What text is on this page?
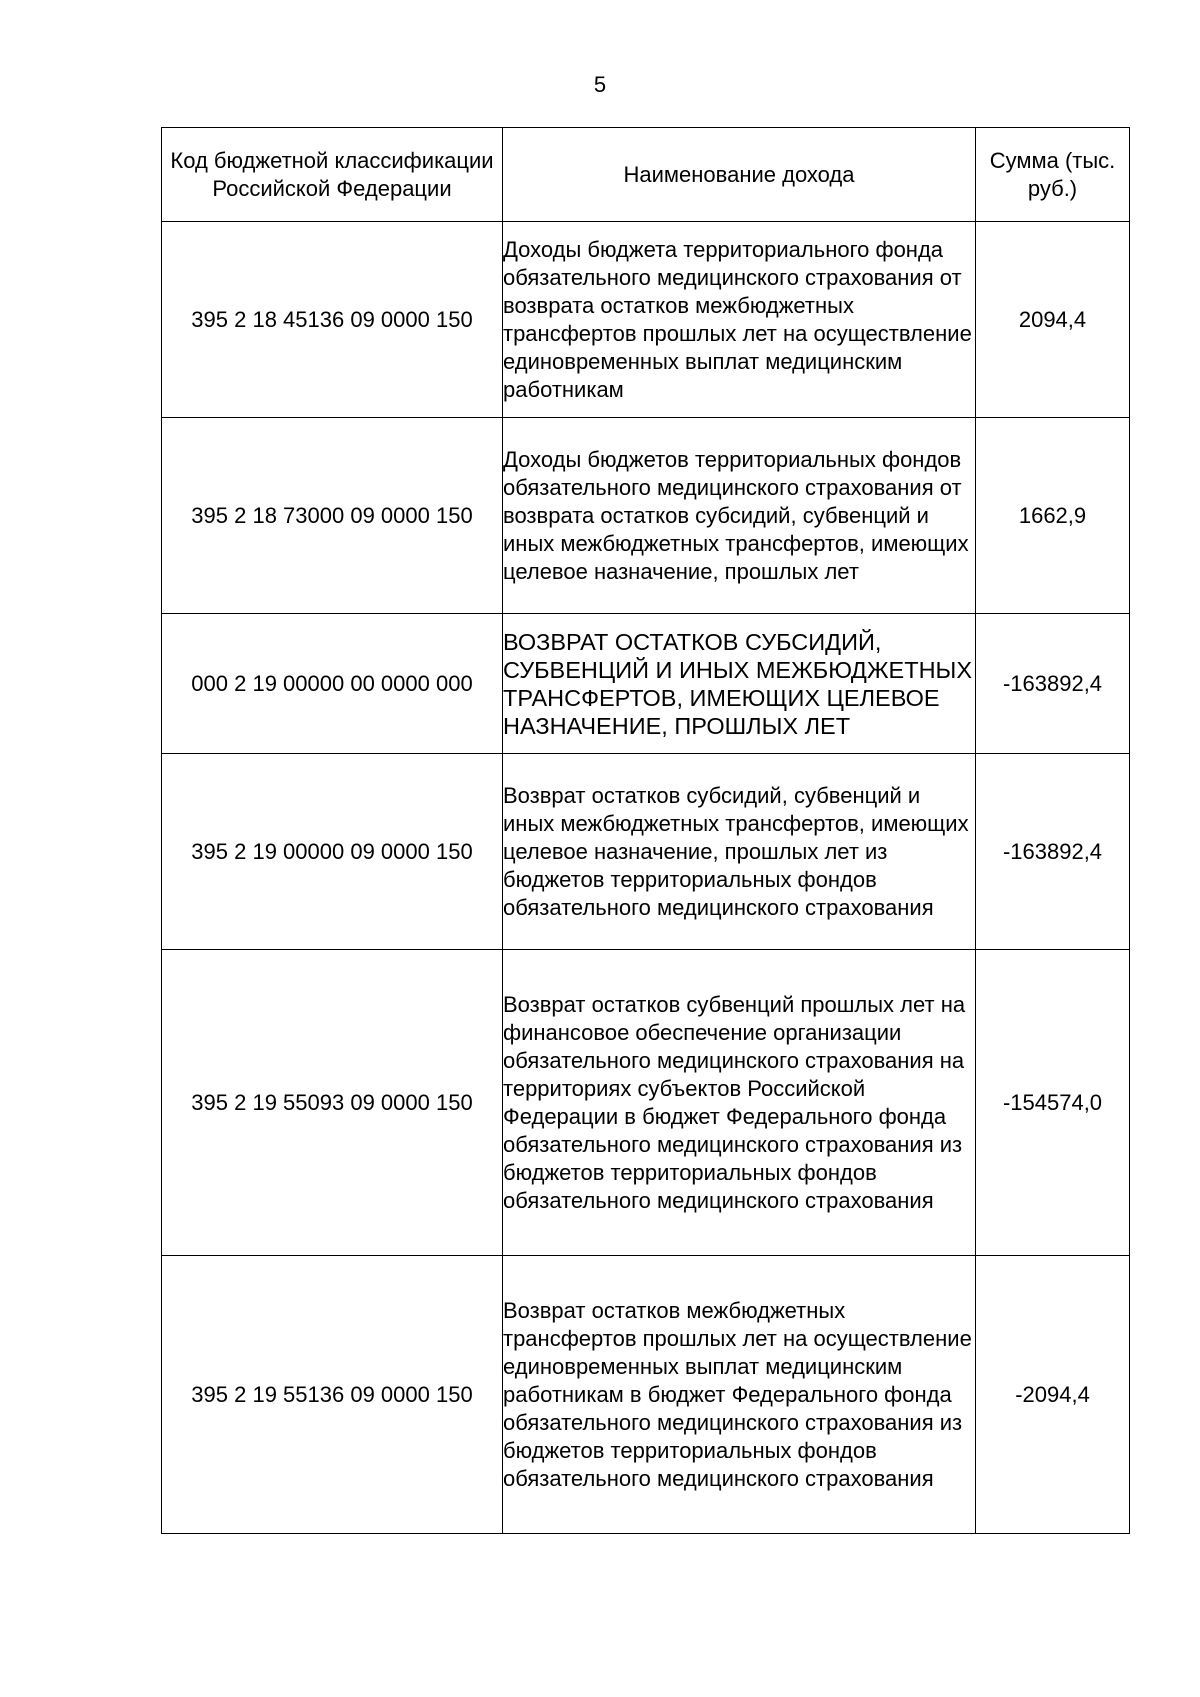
5
Код бюджетной классификации Российской Федерации	Наименование дохода	Сумма (тыс. руб.)
395 2 18 45136 09 0000 150	Доходы бюджета территориального фонда обязательного медицинского страхования от возврата остатков межбюджетных трансфертов прошлых лет на осуществление единовременных выплат медицинским работникам	2094,4
395 2 18 73000 09 0000 150	Доходы бюджетов территориальных фондов обязательного медицинского страхования от возврата остатков субсидий, субвенций и иных межбюджетных трансфертов, имеющих целевое назначение, прошлых лет	1662,9
000 2 19 00000 00 0000 000	ВОЗВРАТ ОСТАТКОВ СУБСИДИЙ, СУБВЕНЦИЙ И ИНЫХ МЕЖБЮДЖЕТНЫХ ТРАНСФЕРТОВ, ИМЕЮЩИХ ЦЕЛЕВОЕ НАЗНАЧЕНИЕ, ПРОШЛЫХ ЛЕТ	-163892,4
395 2 19 00000 09 0000 150	Возврат остатков субсидий, субвенций и иных межбюджетных трансфертов, имеющих целевое назначение, прошлых лет из бюджетов территориальных фондов обязательного медицинского страхования	-163892,4
395 2 19 55093 09 0000 150	Возврат остатков субвенций прошлых лет на финансовое обеспечение организации обязательного медицинского страхования на территориях субъектов Российской Федерации в бюджет Федерального фонда обязательного медицинского страхования из бюджетов территориальных фондов обязательного медицинского страхования	-154574,0
395 2 19 55136 09 0000 150	Возврат остатков межбюджетных трансфертов прошлых лет на осуществление единовременных выплат медицинским работникам в бюджет Федерального фонда обязательного медицинского страхования из бюджетов территориальных фондов обязательного медицинского страхования	-2094,4
